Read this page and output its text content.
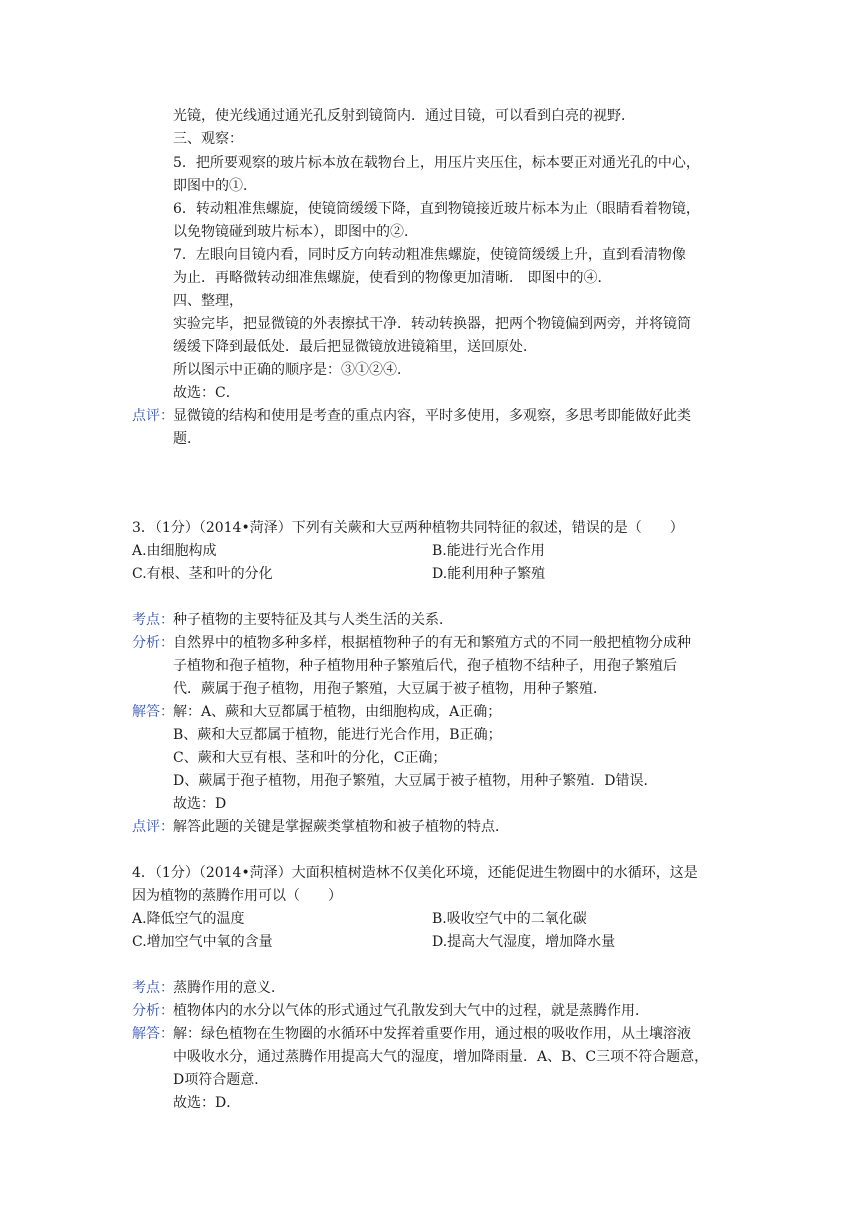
光镜，使光线通过通光孔反射到镜筒内．通过目镜，可以看到白亮的视野．
三、观察：
5．把所要观察的玻片标本放在载物台上，用压片夹压住，标本要正对通光孔的中心，
即图中的①．
6．转动粗准焦螺旋，使镜筒缓缓下降，直到物镜接近玻片标本为止（眼睛看着物镜，
以免物镜碰到玻片标本），即图中的②．
7．左眼向目镜内看，同时反方向转动粗准焦螺旋，使镜筒缓缓上升，直到看清物像
为止．再略微转动细准焦螺旋，使看到的物像更加清晰． 即图中的④．
四、整理，
实验完毕，把显微镜的外表擦拭干净．转动转换器，把两个物镜偏到两旁，并将镜筒
缓缓下降到最低处．最后把显微镜放进镜箱里，送回原处．
所以图示中正确的顺序是：③①②④．
故选：C．
点评： 显微镜的结构和使用是考查的重点内容，平时多使用，多观察，多思考即能做好此类
题．
3．（1分）（2014•菏泽）下列有关蕨和大豆两种植物共同特征的叙述，错误的是（　　）
A.由细胞构成	B.能进行光合作用
C.有根、茎和叶的分化	D.能利用种子繁殖
考点： 种子植物的主要特征及其与人类生活的关系．
分析： 自然界中的植物多种多样，根据植物种子的有无和繁殖方式的不同一般把植物分成种
子植物和孢子植物，种子植物用种子繁殖后代，孢子植物不结种子，用孢子繁殖后
代．蕨属于孢子植物，用孢子繁殖，大豆属于被子植物，用种子繁殖．
解答： 解：A、蕨和大豆都属于植物，由细胞构成，A正确；
B、蕨和大豆都属于植物，能进行光合作用，B正确；
C、蕨和大豆有根、茎和叶的分化，C正确；
D、蕨属于孢子植物，用孢子繁殖，大豆属于被子植物，用种子繁殖．D错误．
故选：D
点评： 解答此题的关键是掌握蕨类掌植物和被子植物的特点．
4．（1分）（2014•菏泽）大面积植树造林不仅美化环境，还能促进生物圈中的水循环，这是
因为植物的蒸腾作用可以（　　）
A.降低空气的温度	B.吸收空气中的二氧化碳
C.增加空气中氧的含量	D.提高大气湿度，增加降水量
考点： 蒸腾作用的意义．
分析： 植物体内的水分以气体的形式通过气孔散发到大气中的过程，就是蒸腾作用．
解答： 解：绿色植物在生物圈的水循环中发挥着重要作用，通过根的吸收作用，从土壤溶液
中吸收水分，通过蒸腾作用提高大气的湿度，增加降雨量．A、B、C三项不符合题意，
D项符合题意．
故选：D．
